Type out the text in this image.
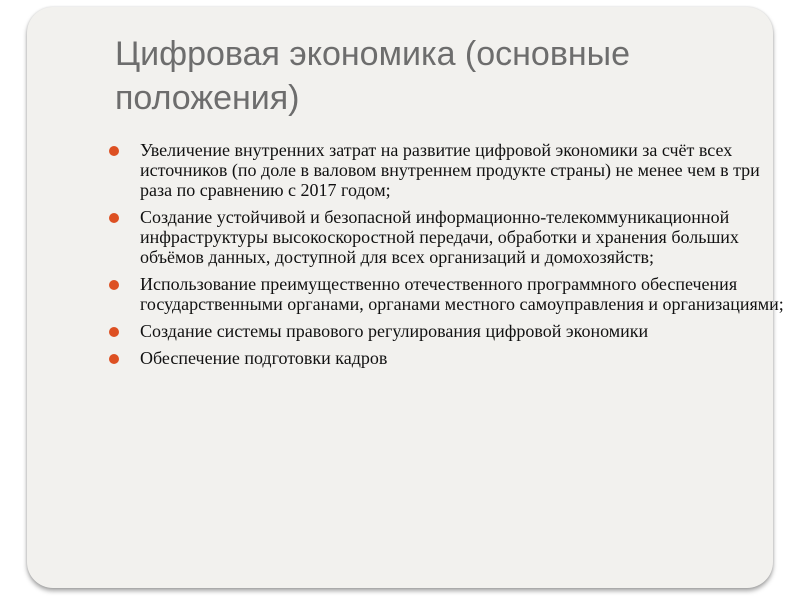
Цифровая экономика (основные положения)
Увеличение внутренних затрат на развитие цифровой экономики за счёт всех источников (по доле в валовом внутреннем продукте страны) не менее чем в три раза по сравнению с 2017 годом;
Создание устойчивой и безопасной информационно-телекоммуникационной инфраструктуры высокоскоростной передачи, обработки и хранения больших объёмов данных, доступной для всех организаций и домохозяйств;
Использование преимущественно отечественного программного обеспечения государственными органами, органами местного самоуправления и организациями;
Создание системы правового регулирования цифровой экономики
Обеспечение подготовки кадров
